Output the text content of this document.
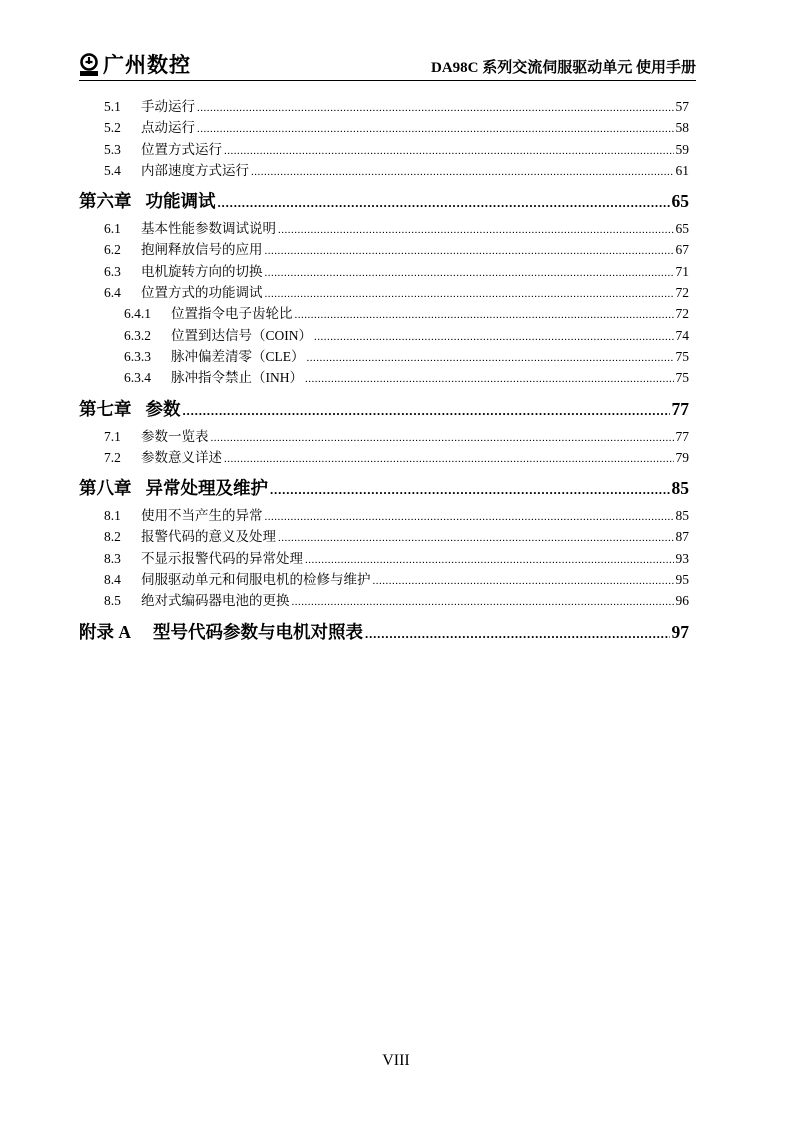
广州数控	DA98C 系列交流伺服驱动单元 使用手册
5.1	手动运行 .....	57
5.2	点动运行 .....	58
5.3	位置方式运行 .....	59
5.4	内部速度方式运行 .....	61
第六章 功能调试 .....	65
6.1	基本性能参数调试说明 .....	65
6.2	抱闸释放信号的应用 .....	67
6.3	电机旋转方向的切换 .....	71
6.4	位置方式的功能调试 .....	72
6.4.1	位置指令电子齿轮比 .....	72
6.3.2	位置到达信号（COIN） .....	74
6.3.3	脉冲偏差清零（CLE） .....	75
6.3.4	脉冲指令禁止（INH） .....	75
第七章 参数 .....	77
7.1	参数一览表 .....	77
7.2	参数意义详述 .....	79
第八章 异常处理及维护 .....	85
8.1	使用不当产生的异常 .....	85
8.2	报警代码的意义及处理 .....	87
8.3	不显示报警代码的异常处理 .....	93
8.4	伺服驱动单元和伺服电机的检修与维护 .....	95
8.5	绝对式编码器电池的更换 .....	96
附录 A 型号代码参数与电机对照表 .....	97
VIII
